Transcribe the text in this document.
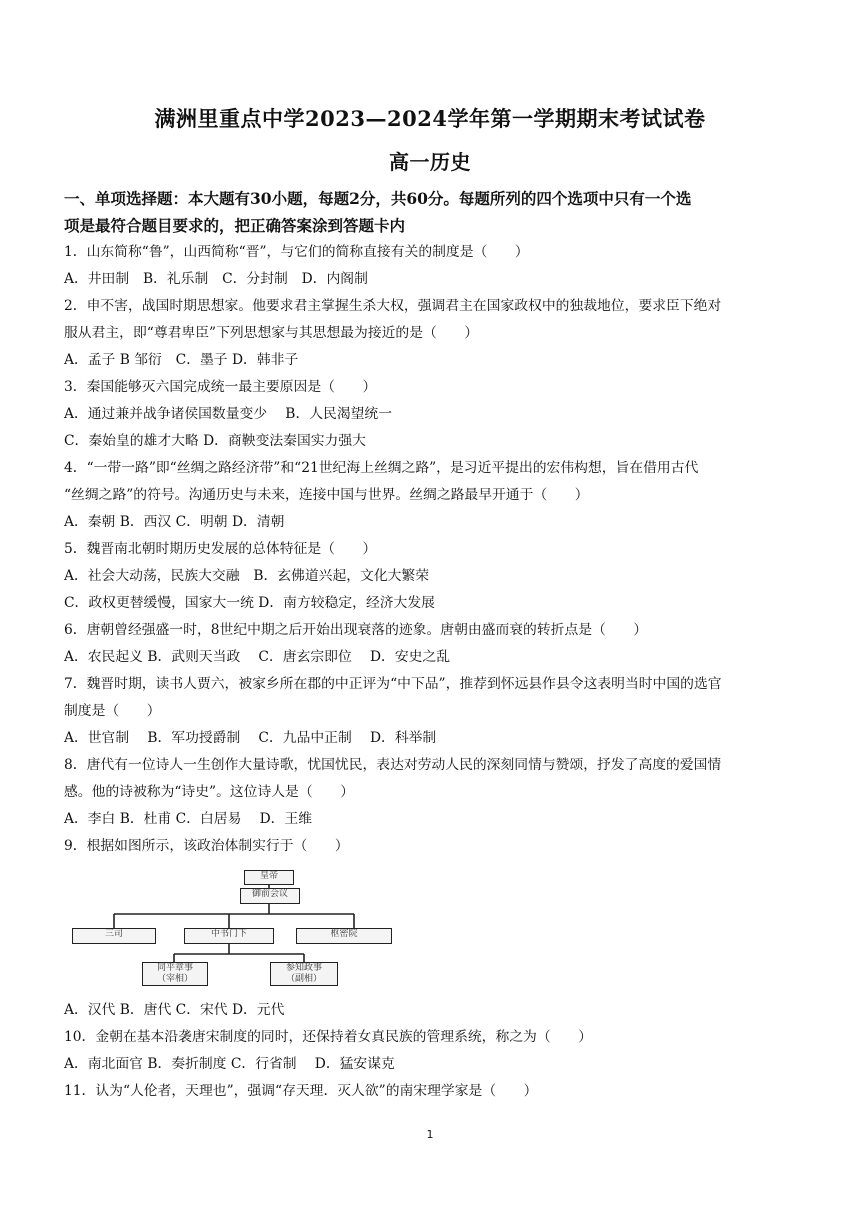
满洲里重点中学2023—2024学年第一学期期末考试试卷
高一历史
一、单项选择题：本大题有30小题，每题2分，共60分。每题所列的四个选项中只有一个选
项是最符合题目要求的，把正确答案涂到答题卡内
1．山东简称“鲁”，山西简称“晋”，与它们的简称直接有关的制度是（　　）
A．井田制　B．礼乐制　C．分封制　D．内阁制
2．申不害，战国时期思想家。他要求君主掌握生杀大权，强调君主在国家政权中的独裁地位，要求臣下绝对
服从君主，即“尊君卑臣”下列思想家与其思想最为接近的是（　　）
A．孟子 B 邹衍　C．墨子 D．韩非子
3．秦国能够灭六国完成统一最主要原因是（　　）
A．通过兼并战争诸侯国数量变少　 B．人民渴望统一
C．秦始皇的雄才大略 D．商鞅变法秦国实力强大
4．“一带一路”即“丝绸之路经济带”和“21世纪海上丝绸之路”，是习近平提出的宏伟构想，旨在借用古代
“丝绸之路”的符号。沟通历史与未来，连接中国与世界。丝绸之路最早开通于（　　）
A．秦朝 B．西汉 C．明朝 D．清朝
5．魏晋南北朝时期历史发展的总体特征是（　　）
A．社会大动荡，民族大交融　B．玄佛道兴起，文化大繁荣
C．政权更替缓慢，国家大一统 D．南方较稳定，经济大发展
6．唐朝曾经强盛一时，8世纪中期之后开始出现衰落的迹象。唐朝由盛而衰的转折点是（　　）
A．农民起义 B．武则天当政　 C．唐玄宗即位　 D．安史之乱
7．魏晋时期，读书人贾六，被家乡所在郡的中正评为“中下品”，推荐到怀远县作县令这表明当时中国的选官
制度是（　　）
A．世官制　 B．军功授爵制　 C．九品中正制　 D．科举制
8．唐代有一位诗人一生创作大量诗歌，忧国忧民，表达对劳动人民的深刻同情与赞颂，抒发了高度的爱国情
感。他的诗被称为“诗史”。这位诗人是（　　）
A．李白 B．杜甫 C．白居易　 D．王维
9．根据如图所示，该政治体制实行于（　　）
皇帝
御前会议
三司	中书门下	枢密院
同平章事
（宰相）
参知政事
（副相）
A．汉代 B．唐代 C．宋代 D．元代
10．金朝在基本沿袭唐宋制度的同时，还保持着女真民族的管理系统，称之为（　　）
A．南北面官 B．奏折制度 C．行省制　 D．猛安谋克
11．认为“人伦者，天理也”，强调“存天理．灭人欲”的南宋理学家是（　　）
1
